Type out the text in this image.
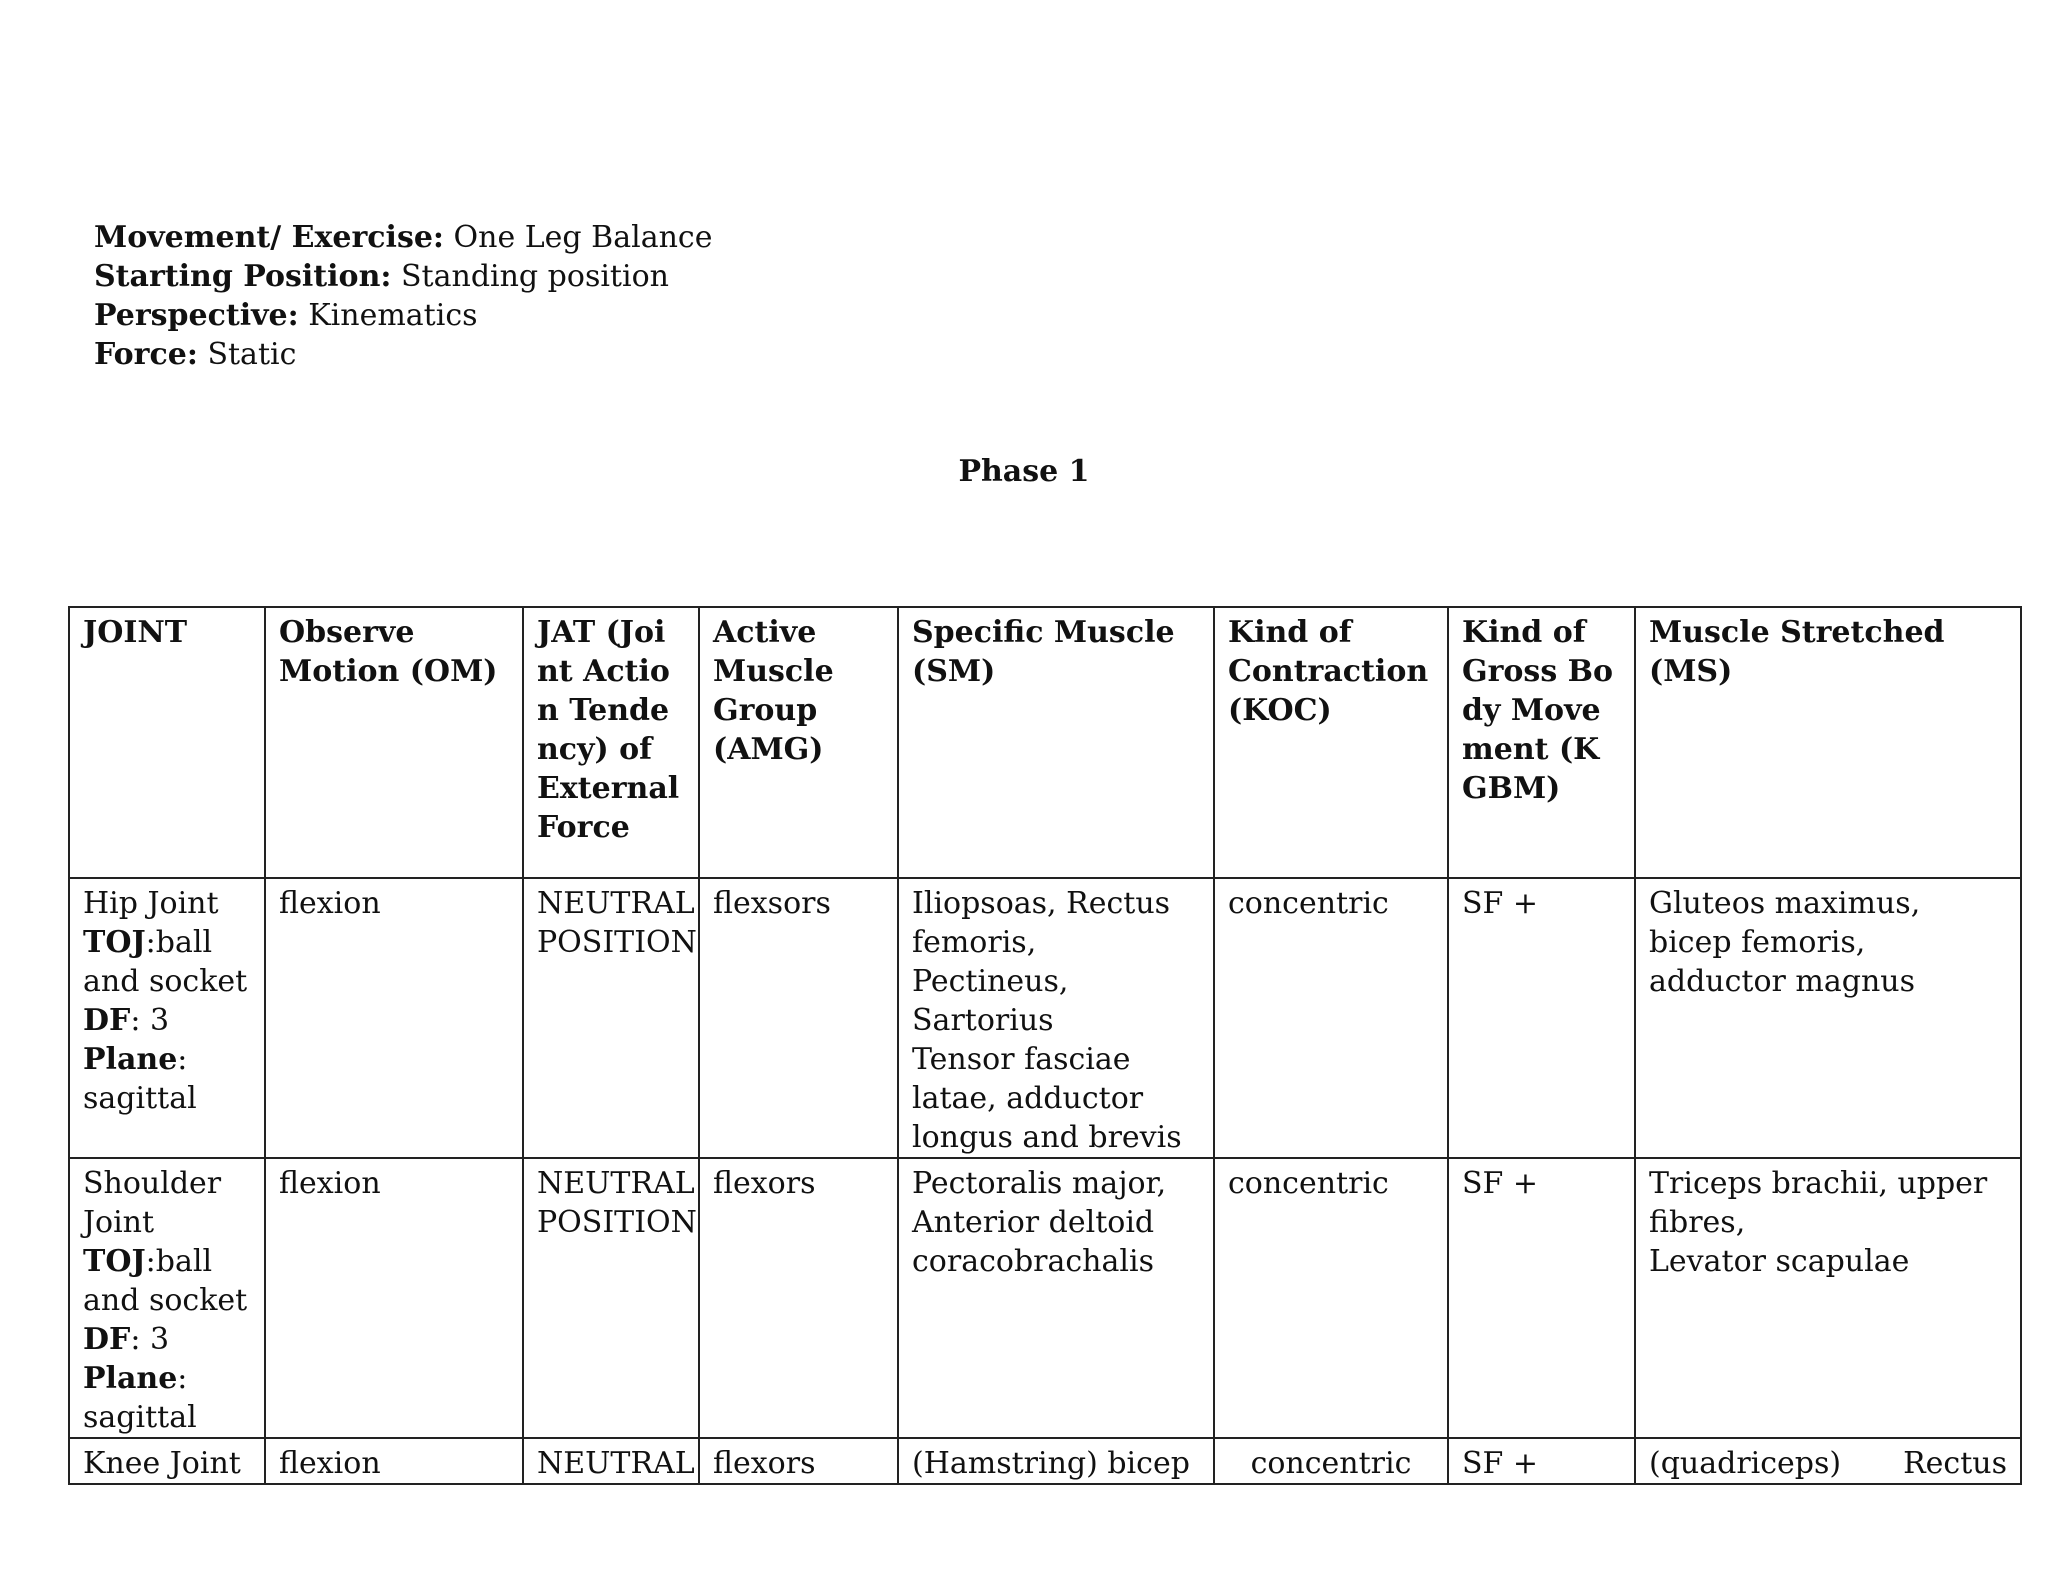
Movement/ Exercise: One Leg Balance
Starting Position: Standing position
Perspective: Kinematics
Force: Static
Phase 1
JOINT	Observe Motion (OM)	JAT (Joint Action Tendency) of External Force	Active Muscle Group (AMG)	Specific Muscle (SM)	Kind of Contraction (KOC)	Kind of Gross Body Movement (KGBM)	Muscle Stretched (MS)

Hip Joint
TOJ:ball and socket
DF: 3
Plane: sagittal	flexion	NEUTRAL POSITION	flexsors	Iliopsoas, Rectus femoris,
Pectineus,
Sartorius
Tensor fasciae latae, adductor longus and brevis	concentric	SF +	Gluteos maximus, bicep femoris, adductor magnus

Shoulder Joint
TOJ:ball and socket
DF: 3
Plane: sagittal	flexion	NEUTRAL POSITION	flexors	Pectoralis major,
Anterior deltoid
coracobrachalis	concentric	SF +	Triceps brachii, upper fibres,
Levator scapulae

Knee Joint	flexion	NEUTRAL	flexors	(Hamstring) bicep	concentric	SF +	(quadriceps) Rectus
